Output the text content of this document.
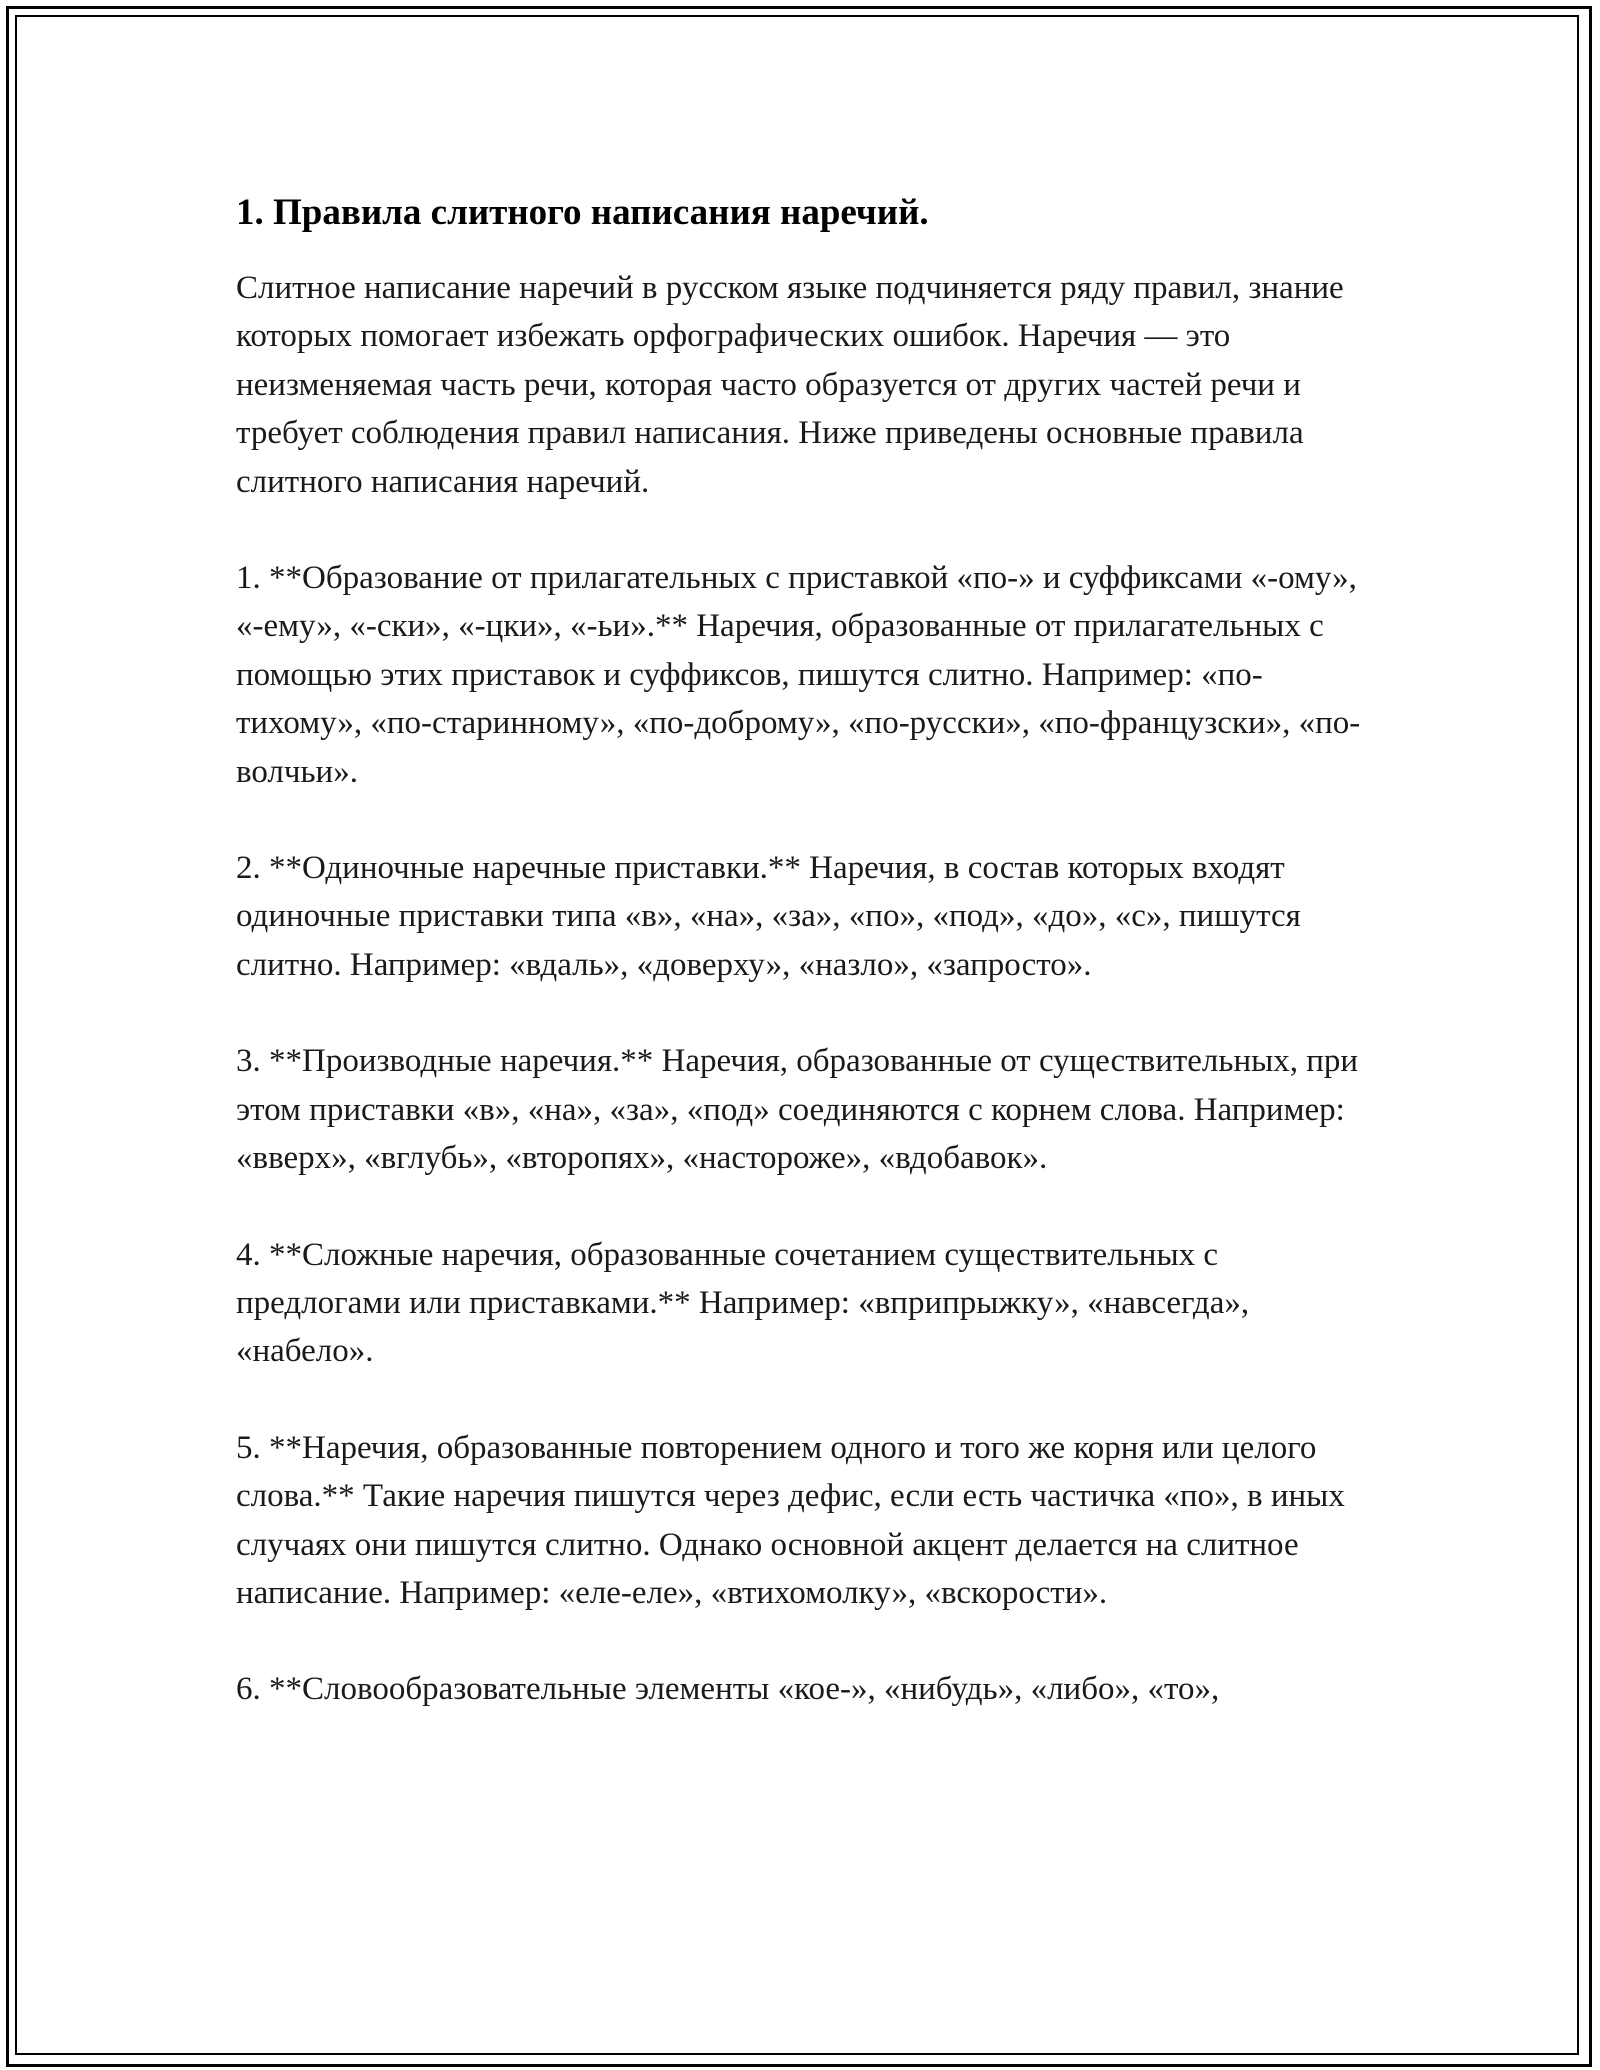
1. Правила слитного написания наречий.

Слитное написание наречий в русском языке подчиняется ряду правил, знание которых помогает избежать орфографических ошибок. Наречия — это неизменяемая часть речи, которая часто образуется от других частей речи и требует соблюдения правил написания. Ниже приведены основные правила слитного написания наречий.

1. **Образование от прилагательных с приставкой «по-» и суффиксами «-ому», «-ему», «-ски», «-цки», «-ьи».** Наречия, образованные от прилагательных с помощью этих приставок и суффиксов, пишутся слитно. Например: «по-тихому», «по-старинному», «по-доброму», «по-русски», «по-французски», «по-волчьи».

2. **Одиночные наречные приставки.** Наречия, в состав которых входят одиночные приставки типа «в», «на», «за», «по», «под», «до», «с», пишутся слитно. Например: «вдаль», «доверху», «назло», «запросто».

3. **Производные наречия.** Наречия, образованные от существительных, при этом приставки «в», «на», «за», «под» соединяются с корнем слова. Например: «вверх», «вглубь», «второпях», «настороже», «вдобавок».

4. **Сложные наречия, образованные сочетанием существительных с предлогами или приставками.** Например: «вприпрыжку», «навсегда», «набело».

5. **Наречия, образованные повторением одного и того же корня или целого слова.** Такие наречия пишутся через дефис, если есть частичка «по», в иных случаях они пишутся слитно. Однако основной акцент делается на слитное написание. Например: «еле-еле», «втихомолку», «вскорости».

6. **Словообразовательные элементы «кое-», «нибудь», «либо», «то»,
